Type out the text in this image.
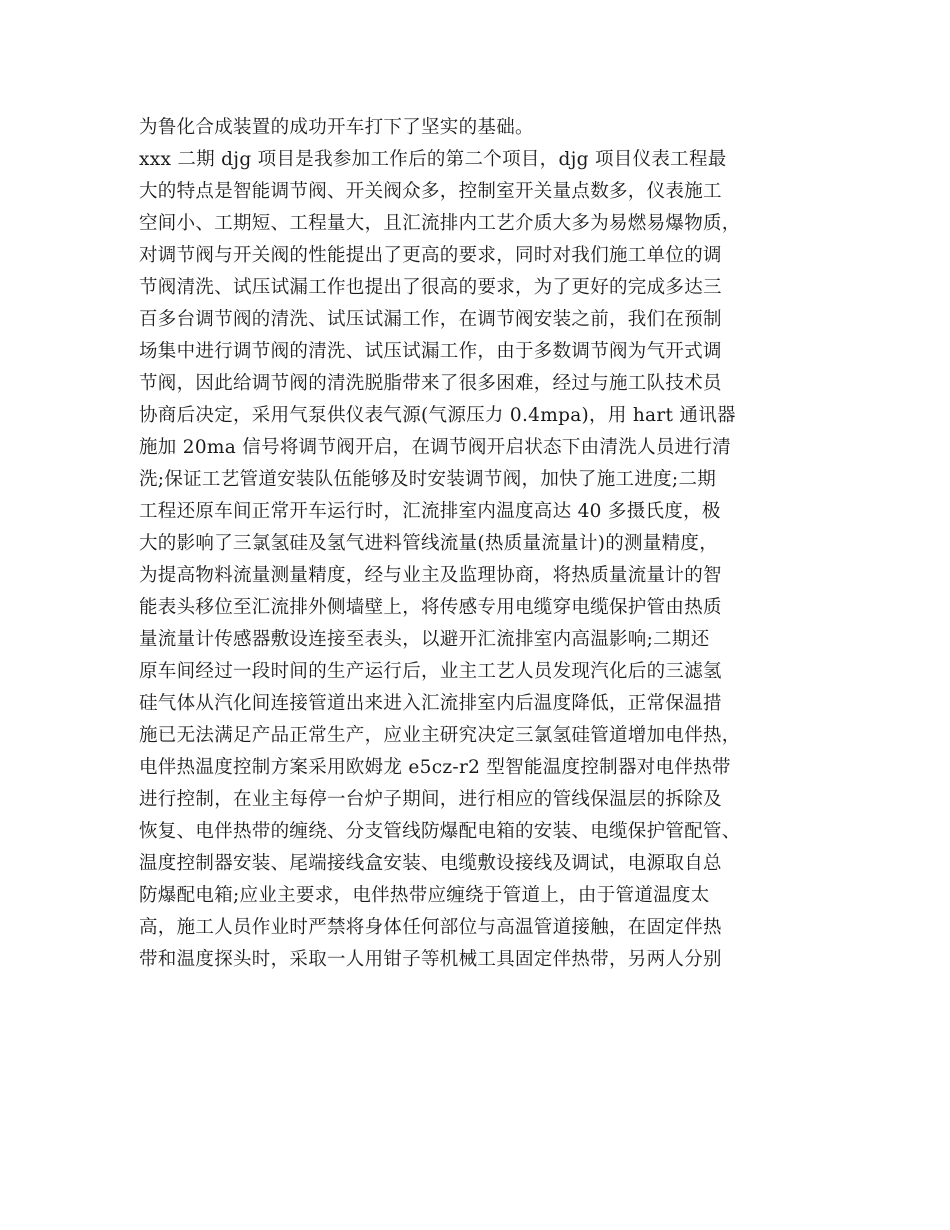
为鲁化合成装置的成功开车打下了坚实的基础。
xxx 二期 djg 项目是我参加工作后的第二个项目，djg 项目仪表工程最
大的特点是智能调节阀、开关阀众多，控制室开关量点数多，仪表施工
空间小、工期短、工程量大，且汇流排内工艺介质大多为易燃易爆物质，
对调节阀与开关阀的性能提出了更高的要求，同时对我们施工单位的调
节阀清洗、试压试漏工作也提出了很高的要求，为了更好的完成多达三
百多台调节阀的清洗、试压试漏工作，在调节阀安装之前，我们在预制
场集中进行调节阀的清洗、试压试漏工作，由于多数调节阀为气开式调
节阀，因此给调节阀的清洗脱脂带来了很多困难，经过与施工队技术员
协商后决定，采用气泵供仪表气源(气源压力 0.4mpa)，用 hart 通讯器
施加 20ma 信号将调节阀开启，在调节阀开启状态下由清洗人员进行清
洗;保证工艺管道安装队伍能够及时安装调节阀，加快了施工进度;二期
工程还原车间正常开车运行时，汇流排室内温度高达 40 多摄氏度，极
大的影响了三氯氢硅及氢气进料管线流量(热质量流量计)的测量精度，
为提高物料流量测量精度，经与业主及监理协商，将热质量流量计的智
能表头移位至汇流排外侧墙壁上，将传感专用电缆穿电缆保护管由热质
量流量计传感器敷设连接至表头，以避开汇流排室内高温影响;二期还
原车间经过一段时间的生产运行后，业主工艺人员发现汽化后的三滤氢
硅气体从汽化间连接管道出来进入汇流排室内后温度降低，正常保温措
施已无法满足产品正常生产，应业主研究决定三氯氢硅管道增加电伴热，
电伴热温度控制方案采用欧姆龙 e5cz-r2 型智能温度控制器对电伴热带
进行控制，在业主每停一台炉子期间，进行相应的管线保温层的拆除及
恢复、电伴热带的缠绕、分支管线防爆配电箱的安装、电缆保护管配管、
温度控制器安装、尾端接线盒安装、电缆敷设接线及调试，电源取自总
防爆配电箱;应业主要求，电伴热带应缠绕于管道上，由于管道温度太
高，施工人员作业时严禁将身体任何部位与高温管道接触，在固定伴热
带和温度探头时，采取一人用钳子等机械工具固定伴热带，另两人分别
